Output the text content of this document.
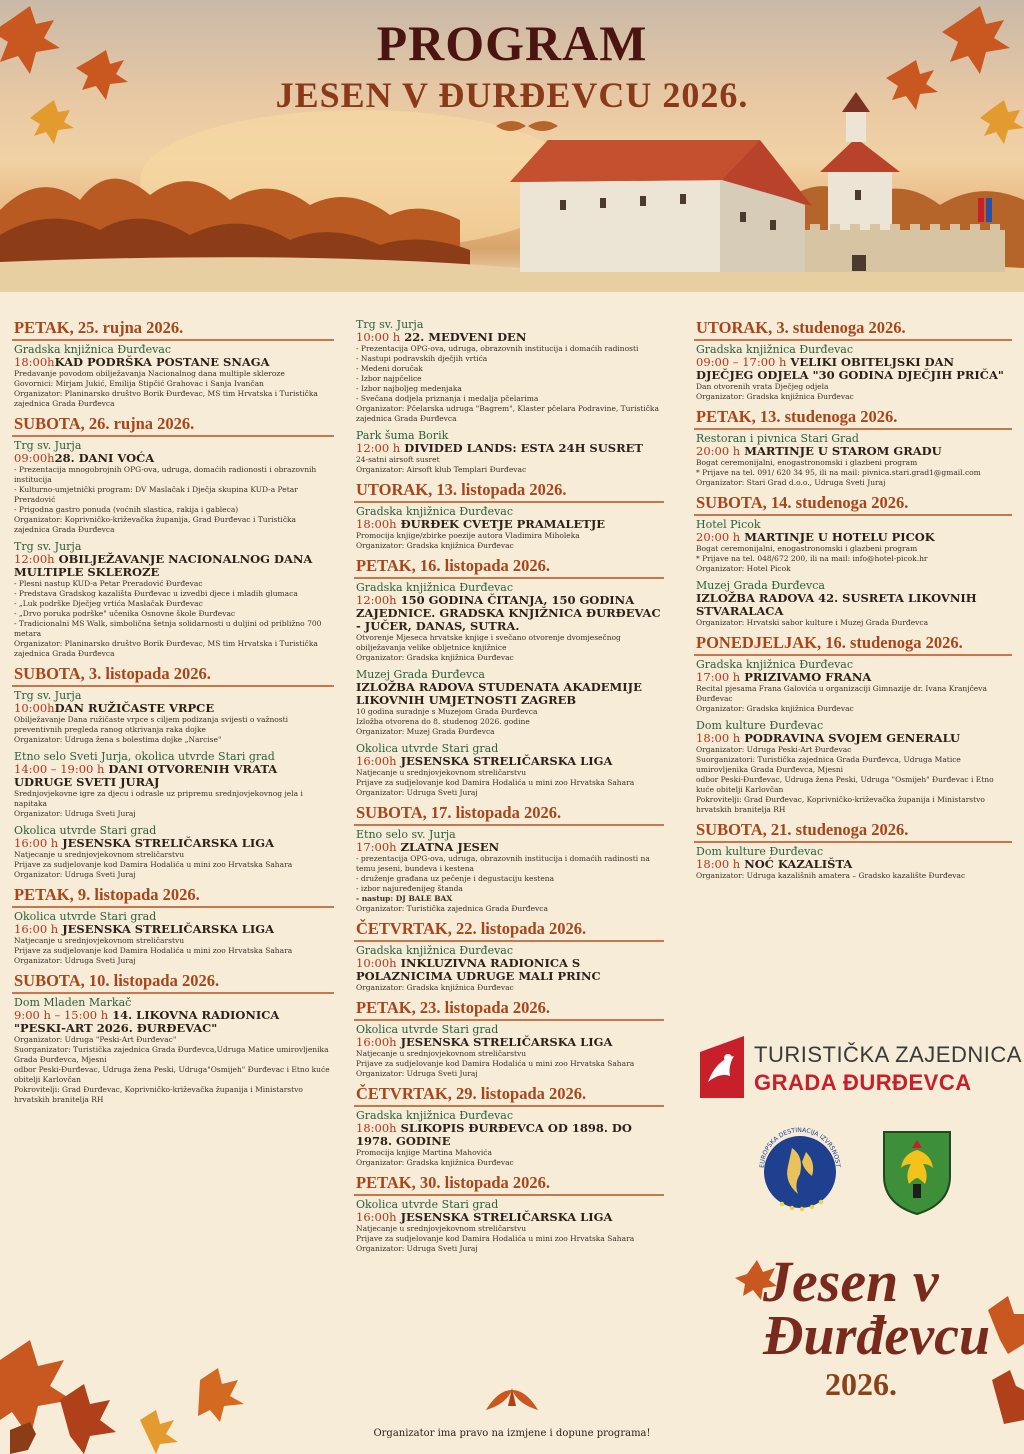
PROGRAM
JESEN V ĐURĐEVCU 2026.
PETAK, 25. rujna 2026.
Gradska knjižnica Đurđevac
18:00hKAD PODRŠKA POSTANE SNAGA
Predavanje povodom obilježavanja Nacionalnog dana multiple skleroze
Govornici: Mirjam Jukić, Emilija Stipčić Grahovac i Sanja Ivančan
Organizator: Planinarsko društvo Borik Đurđevac, MS tim Hrvatska i Turistička zajednica Grada Đurđevca
SUBOTA, 26. rujna 2026.
Trg sv. Jurja
09:00h28. DANI VOĆA
- Prezentacija mnogobrojnih OPG-ova, udruga, domaćih radionosti i obrazovnih institucija
- Kulturno-umjetnički program: DV Maslačak i Dječja skupina KUD-a Petar Preradović
- Prigodna gastro ponuda (voćnih slastica, rakija i gableca)
Organizator: Koprivničko-križevačka županija, Grad Đurđevac i Turistička zajednica Grada Đurđevca
Trg sv. Jurja
12:00h OBILJEŽAVANJE NACIONALNOG DANA MULTIPLE SKLEROZE
- Plesni nastup KUD-a Petar Preradović Đurđevac
- Predstava Gradskog kazališta Đurđevac u izvedbi djece i mladih glumaca
- „Luk podrške Dječjeg vrtića Maslačak Đurđevac
- „Drvo poruka podrške" učenika Osnovne škole Đurđevac
- Tradicionalni MS Walk, simbolična šetnja solidarnosti u duljini od približno 700 metara
Organizator: Planinarsko društvo Borik Đurđevac, MS tim Hrvatska i Turistička zajednica Grada Đurđevca
SUBOTA, 3. listopada 2026.
Trg sv. Jurja
10:00hDAN RUŽIČASTE VRPCE
Obilježavanje Dana ružičaste vrpce s ciljem podizanja svijesti o važnosti preventivnih pregleda ranog otkrivanja raka dojke
Organizator: Udruga žena s bolestima dojke „Narcise"
Etno selo Sveti Jurja, okolica utvrde Stari grad
14:00 – 19:00 h DANI OTVORENIH VRATA UDRUGE SVETI JURAJ
Srednjovjekovne igre za djecu i odrasle uz pripremu srednjovjekovnog jela i napitaka
Organizator: Udruga Sveti Juraj
Okolica utvrde Stari grad
16:00 h JESENSKA STRELIČARSKA LIGA
Natjecanje u srednjovjekovnom streličarstvu
Prijave za sudjelovanje kod Damira Hodalića u mini zoo Hrvatska Sahara
Organizator: Udruga Sveti Juraj
PETAK, 9. listopada 2026.
Okolica utvrde Stari grad
16:00 h JESENSKA STRELIČARSKA LIGA
Natjecanje u srednjovjekovnom streličarstvu
Prijave za sudjelovanje kod Damira Hodalića u mini zoo Hrvatska Sahara
Organizator: Udruga Sveti Juraj
SUBOTA, 10. listopada 2026.
Dom Mladen Markač
9:00 h – 15:00 h 14. LIKOVNA RADIONICA "PESKI-ART 2026. ĐURĐEVAC"
Organizator: Udruga "Peski-Art Đurđevac"
Suorganizator: Turistička zajednica Grada Đurđevca,Udruga Matice umirovljenika Grada Đurđevca, Mjesni
odbor Peski-Đurđevac, Udruga žena Peski, Udruga"Osmijeh" Đurđevac i Etno kuće obitelji Karlovčan
Pokrovitelji: Grad Đurđevac, Koprivničko-križevačka županija i Ministarstvo hrvatskih branitelja RH
Trg sv. Jurja
10:00 h 22. MEDVENI DEN
- Prezentacija OPG-ova, udruga, obrazovnih institucija i domaćih radinosti
- Nastupi podravskih dječjih vrtića
- Medeni doručak
- Izbor najpčelice
- Izbor najboljeg medenjaka
- Svečana dodjela priznanja i medalja pčelarima
Organizator: Pčelarska udruga "Bagrem", Klaster pčelara Podravine, Turistička zajednica Grada Đurđevca
Park šuma Borik
12:00 h DIVIDED LANDS: ESTA 24H SUSRET
24-satni airsoft susret
Organizator: Airsoft klub Templari Đurđevac
UTORAK, 13. listopada 2026.
Gradska knjižnica Đurđevac
18:00h ĐURĐEK CVETJE PRAMALETJE
Promocija knjige/zbirke poezije autora Vladimira Miholeka
Organizator: Gradska knjižnica Đurđevac
PETAK, 16. listopada 2026.
Gradska knjižnica Đurđevac
12:00h 150 GODINA ČITANJA, 150 GODINA ZAJEDNICE. GRADSKA KNJIŽNICA ĐURĐEVAC - JUČER, DANAS, SUTRA.
Otvorenje Mjeseca hrvatske knjige i svečano otvorenje dvomjesečnog obilježavanja velike obljetnice knjižnice
Organizator: Gradska knjižnica Đurđevac
Muzej Grada Đurđevca
IZLOŽBA RADOVA STUDENATA AKADEMIJE LIKOVNIH UMJETNOSTI ZAGREB
10 godina suradnje s Muzejom Grada Đurđevca
Izložba otvorena do 8. studenog 2026. godine
Organizator: Muzej Grada Đurđevca
Okolica utvrde Stari grad
16:00h JESENSKA STRELIČARSKA LIGA
Natjecanje u srednjovjekovnom streličarstvu
Prijave za sudjelovanje kod Damira Hodalića u mini zoo Hrvatska Sahara
Organizator: Udruga Sveti Juraj
SUBOTA, 17. listopada 2026.
Etno selo sv. Jurja
17:00h ZLATNA JESEN
- prezentacija OPG-ova, udruga, obrazovnih institucija i domaćih radinosti na temu jeseni, bundeva i kestena
- druženje građana uz pečenje i degustaciju kestena
- izbor najuređenijeg štanda
- nastup: DJ BALE BAX
Organizator: Turistička zajednica Grada Đurđevca
ČETVRTAK, 22. listopada 2026.
Gradska knjižnica Đurđevac
10:00h INKLUZIVNA RADIONICA S POLAZNICIMA UDRUGE MALI PRINC
Organizator: Gradska knjižnica Đurđevac
PETAK, 23. listopada 2026.
Okolica utvrde Stari grad
16:00h JESENSKA STRELIČARSKA LIGA
Natjecanje u srednjovjekovnom streličarstvu
Prijave za sudjelovanje kod Damira Hodalića u mini zoo Hrvatska Sahara
Organizator: Udruga Sveti Juraj
ČETVRTAK, 29. listopada 2026.
Gradska knjižnica Đurđevac
18:00h SLIKOPIS ĐURĐEVCA OD 1898. DO 1978. GODINE
Promocija knjige Martina Mahovića
Organizator: Gradska knjižnica Đurđevac
PETAK, 30. listopada 2026.
Okolica utvrde Stari grad
16:00h JESENSKA STRELIČARSKA LIGA
Natjecanje u srednjovjekovnom streličarstvu
Prijave za sudjelovanje kod Damira Hodalića u mini zoo Hrvatska Sahara
Organizator: Udruga Sveti Juraj
UTORAK, 3. studenoga 2026.
Gradska knjižnica Đurđevac
09:00 – 17:00 h VELIKI OBITELJSKI DAN DJEČJEG ODJELA "30 GODINA DJEČJIH PRIČA"
Dan otvorenih vrata Dječjeg odjela
Organizator: Gradska knjižnica Đurđevac
PETAK, 13. studenoga 2026.
Restoran i pivnica Stari Grad
20:00 h MARTINJE U STAROM GRADU
Bogat ceremonijalni, enogastronomski i glazbeni program
* Prijave na tel. 091/ 620 34 95, ili na mail: pivnica.stari.grad1@gmail.com
Organizator: Stari Grad d.o.o., Udruga Sveti Juraj
SUBOTA, 14. studenoga 2026.
Hotel Picok
20:00 h MARTINJE U HOTELU PICOK
Bogat ceremonijalni, enogastronomski i glazbeni program
* Prijave na tel. 048/672 200, ili na mail: info@hotel-picok.hr
Organizator: Hotel Picok
Muzej Grada Đurđevca
IZLOŽBA RADOVA 42. SUSRETA LIKOVNIH STVARALACA
Organizator: Hrvatski sabor kulture i Muzej Grada Đurđevca
PONEDJELJAK, 16. studenoga 2026.
Gradska knjižnica Đurđevac
17:00 h PRIZIVAMO FRANA
Recital pjesama Frana Galovića u organizaciji Gimnazije dr. Ivana Kranjčeva Đurđevac
Organizator: Gradska knjižnica Đurđevac
Dom kulture Đurđevac
18:00 h PODRAVINA SVOJEM GENERALU
Organizator: Udruga Peski-Art Đurđevac
Suorganizatori: Turistička zajednica Grada Đurđevca, Udruga Matice umirovljenika Grada Đurđevca, Mjesni
odbor Peski-Đurđevac, Udruga žena Peski, Udruga "Osmijeh" Đurđevac i Etno kuće obitelji Karlovčan
Pokrovitelji: Grad Đurđevac, Koprivničko-križevačka županija i Ministarstvo hrvatskih branitelja RH
SUBOTA, 21. studenoga 2026.
Dom kulture Đurđevac
18:00 h NOĆ KAZALIŠTA
Organizator: Udruga kazališnih amatera – Gradsko kazalište Đurđevac
TURISTIČKA ZAJEDNICA
GRADA ĐURĐEVCA
EUROPSKA DESTINACIJA IZVRSNOST
Jesen v
Đurđevcu
2026.
Organizator ima pravo na izmjene i dopune programa!
